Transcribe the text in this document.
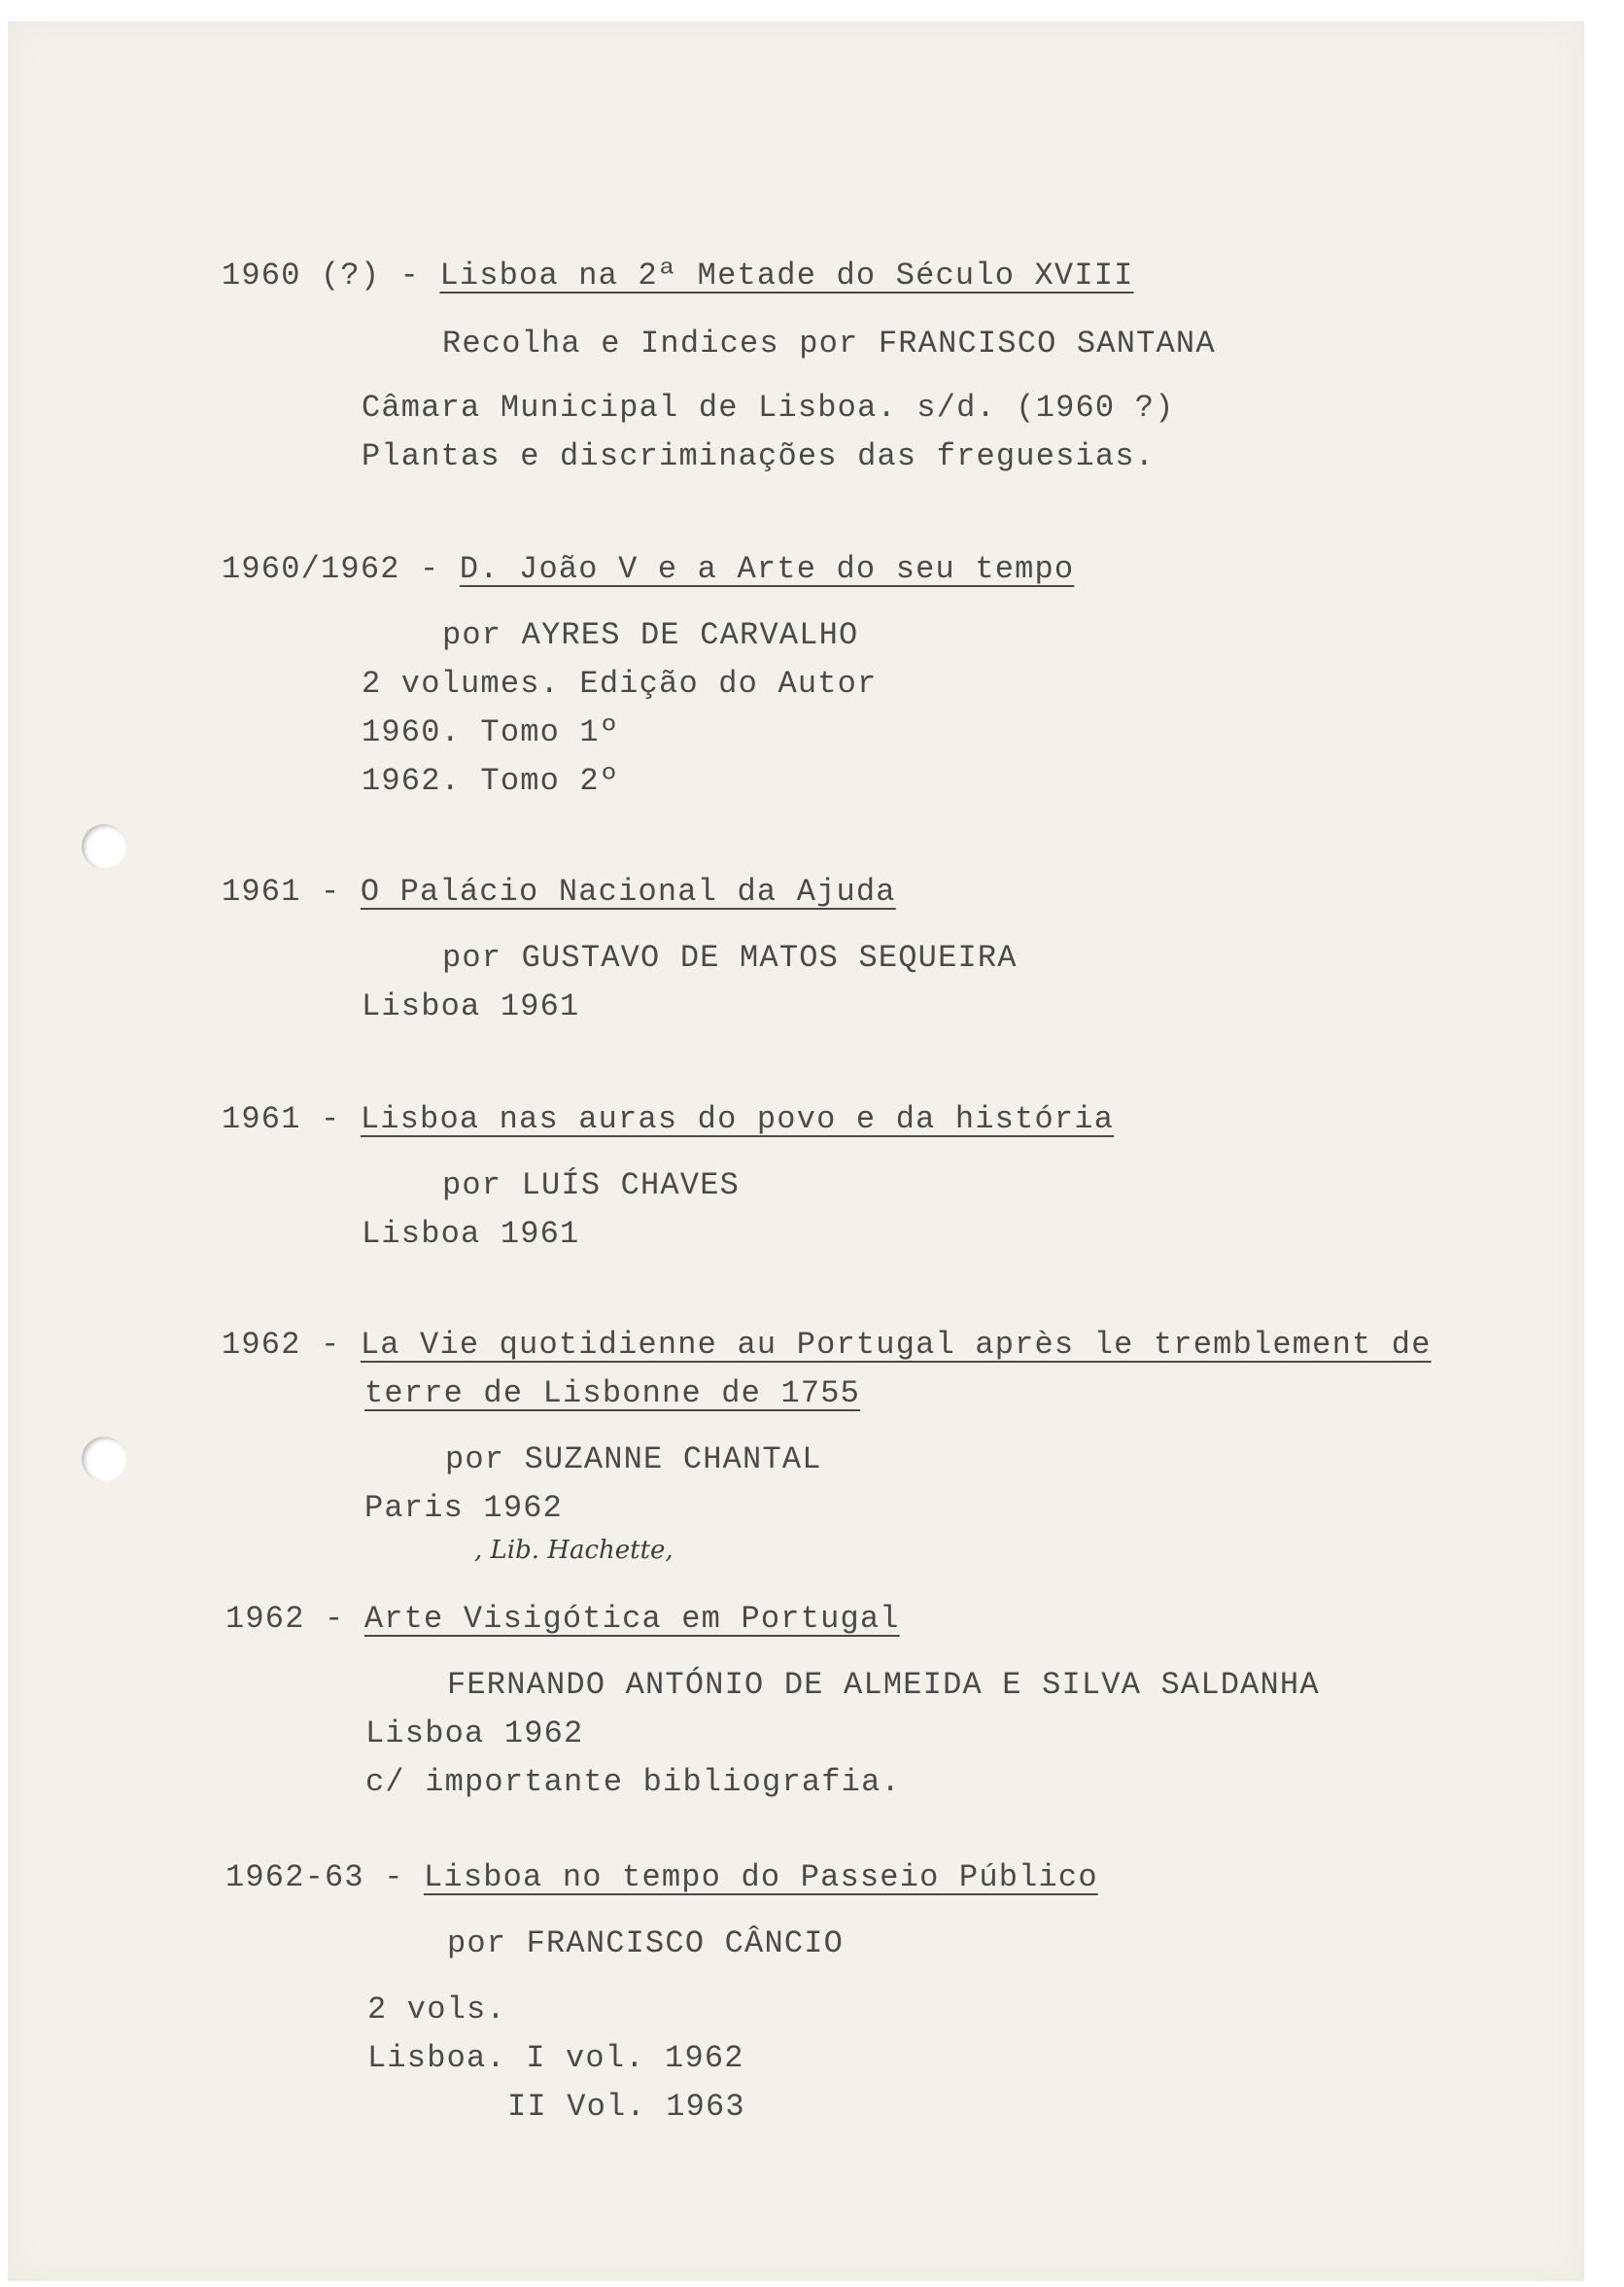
1960 (?) - Lisboa na 2ª Metade do Século XVIII
Recolha e Indices por FRANCISCO SANTANA
Câmara Municipal de Lisboa. s/d. (1960 ?)
Plantas e discriminações das freguesias.
1960/1962 - D. João V e a Arte do seu tempo
por AYRES DE CARVALHO
2 volumes. Edição do Autor
1960. Tomo 1º
1962. Tomo 2º
1961 - O Palácio Nacional da Ajuda
por GUSTAVO DE MATOS SEQUEIRA
Lisboa 1961
1961 - Lisboa nas auras do povo e da história
por LUÍS CHAVES
Lisboa 1961
1962 - La Vie quotidienne au Portugal après le tremblement de
terre de Lisbonne de 1755
por SUZANNE CHANTAL
Paris 1962
, Lib. Hachette,
1962 - Arte Visigótica em Portugal
FERNANDO ANTÓNIO DE ALMEIDA E SILVA SALDANHA
Lisboa 1962
c/ importante bibliografia.
1962-63 - Lisboa no tempo do Passeio Público
por FRANCISCO CÂNCIO
2 vols.
Lisboa. I vol. 1962
II Vol. 1963
